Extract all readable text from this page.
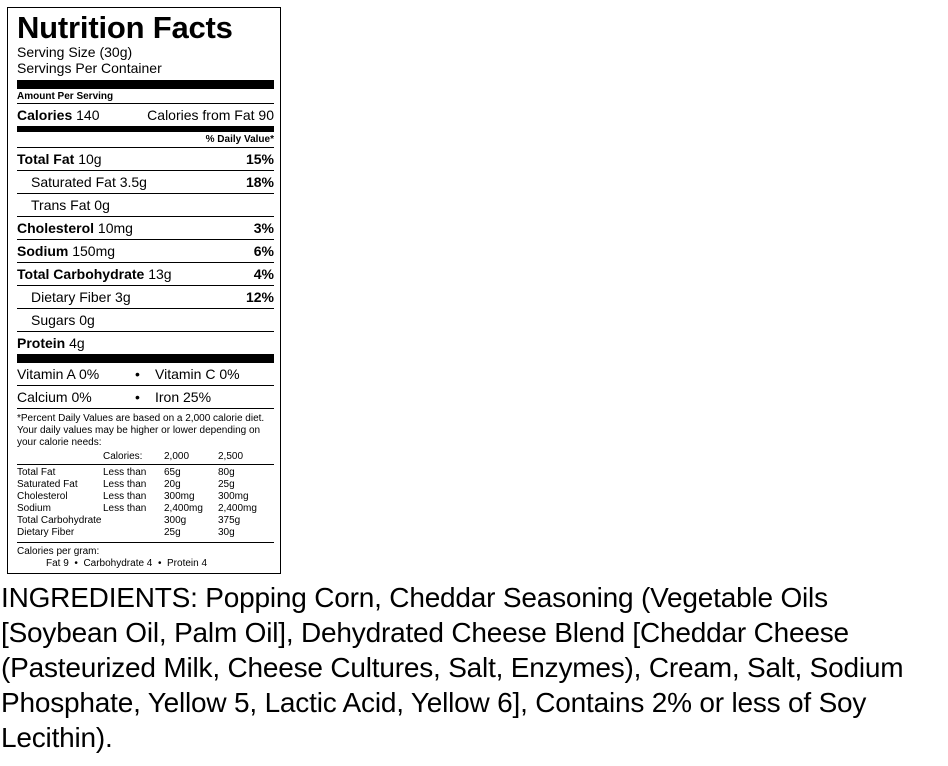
Nutrition Facts
Serving Size (30g)
Servings Per Container
Amount Per Serving
Calories 140	Calories from Fat 90
% Daily Value*
Total Fat 10g	15%
Saturated Fat 3.5g	18%
Trans Fat 0g
Cholesterol 10mg	3%
Sodium 150mg	6%
Total Carbohydrate 13g	4%
Dietary Fiber 3g	12%
Sugars 0g
Protein 4g
Vitamin A 0%	•	Vitamin C 0%
Calcium 0%	•	Iron 25%
*Percent Daily Values are based on a 2,000 calorie diet. Your daily values may be higher or lower depending on your calorie needs:
	Calories:	2,000	2,500
Total Fat	Less than	65g	80g
Saturated Fat	Less than	20g	25g
Cholesterol	Less than	300mg	300mg
Sodium	Less than	2,400mg	2,400mg
Total Carbohydrate		300g	375g
Dietary Fiber		25g	30g
Calories per gram:
Fat 9 • Carbohydrate 4 • Protein 4
INGREDIENTS: Popping Corn, Cheddar Seasoning (Vegetable Oils [Soybean Oil, Palm Oil], Dehydrated Cheese Blend [Cheddar Cheese (Pasteurized Milk, Cheese Cultures, Salt, Enzymes), Cream, Salt, Sodium Phosphate, Yellow 5, Lactic Acid, Yellow 6], Contains 2% or less of Soy Lecithin).
